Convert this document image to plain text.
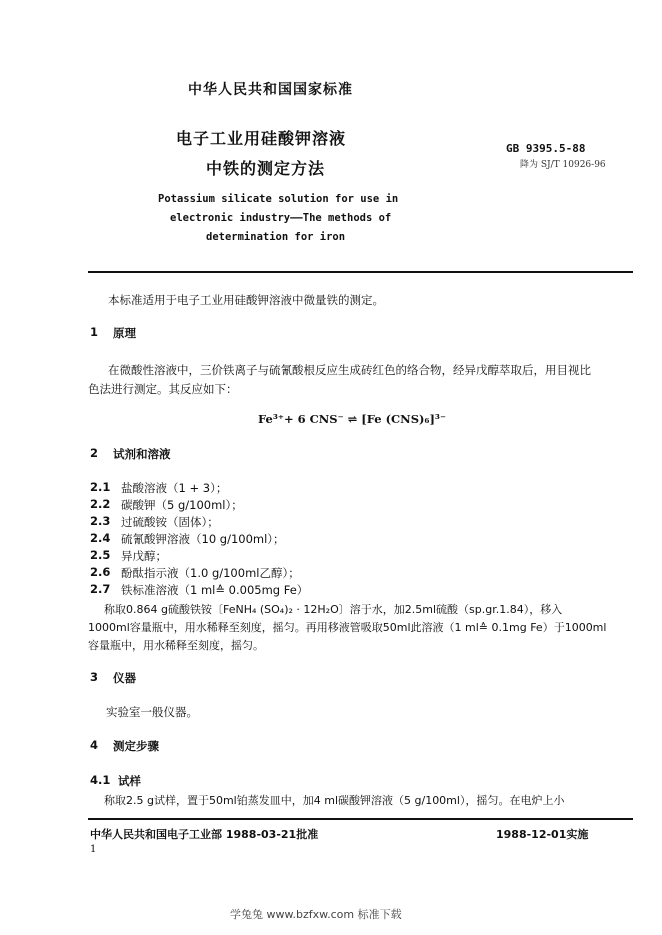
中华人民共和国国家标准
电子工业用硅酸钾溶液
中铁的测定方法
GB 9395.5-88
降为 SJ/T 10926-96
Potassium silicate solution for use in
electronic industry——The methods of
determination for iron
本标准适用于电子工业用硅酸钾溶液中微量铁的测定。
1 原理
在微酸性溶液中，三价铁离子与硫氰酸根反应生成砖红色的络合物，经异戊醇萃取后，用目视比
色法进行测定。其反应如下：
Fe³⁺+ 6 CNS⁻ ⇌ [Fe (CNS)₆]³⁻
2 试剂和溶液
2.1 盐酸溶液（1 + 3）；
2.2 碳酸钾（5 g/100ml）；
2.3 过硫酸铵（固体）；
2.4 硫氰酸钾溶液（10 g/100ml）；
2.5 异戊醇；
2.6 酚酞指示液（1.0 g/100ml乙醇）；
2.7 铁标准溶液（1 ml≙ 0.005mg Fe）
称取0.864 g硫酸铁铵〔FeNH₄ (SO₄)₂ · 12H₂O〕溶于水，加2.5ml硫酸（sp.gr.1.84），移入
1000ml容量瓶中，用水稀释至刻度，摇匀。再用移液管吸取50ml此溶液（1 ml≙ 0.1mg Fe）于1000ml
容量瓶中，用水稀释至刻度，摇匀。
3 仪器
实验室一般仪器。
4 测定步骤
4.1 试样
称取2.5 g试样，置于50ml铂蒸发皿中，加4 ml碳酸钾溶液（5 g/100ml），摇匀。在电炉上小
中华人民共和国电子工业部 1988-03-21批准	1988-12-01实施
1
学兔兔 www.bzfxw.com 标准下载
